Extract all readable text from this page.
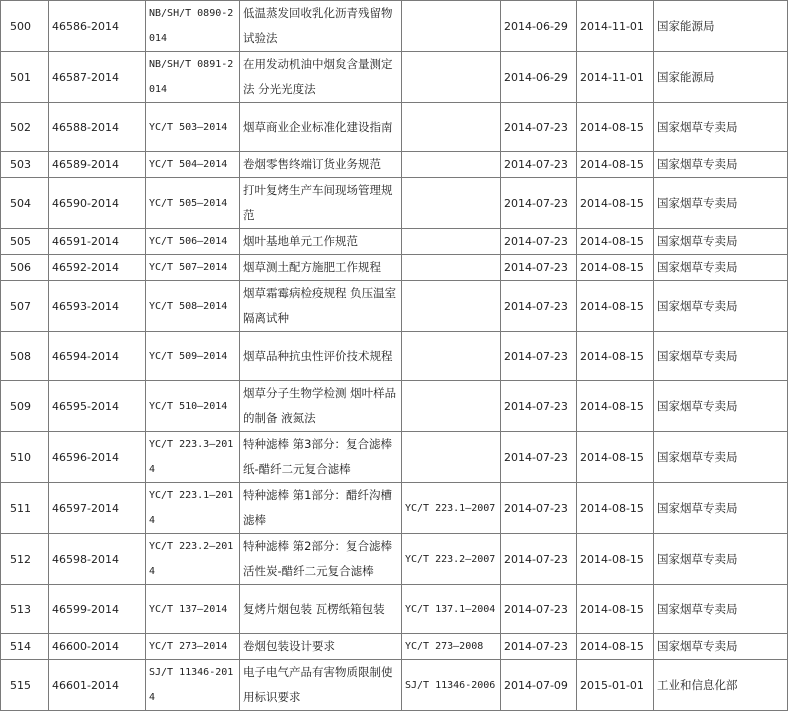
500	46586-2014	NB/SH/T 0890-2014	低温蒸发回收乳化沥青残留物试验法		2014-06-29	2014-11-01	国家能源局
501	46587-2014	NB/SH/T 0891-2014	在用发动机油中烟炱含量测定法 分光光度法		2014-06-29	2014-11-01	国家能源局
502	46588-2014	YC/T 503—2014	烟草商业企业标准化建设指南		2014-07-23	2014-08-15	国家烟草专卖局
503	46589-2014	YC/T 504—2014	卷烟零售终端订货业务规范		2014-07-23	2014-08-15	国家烟草专卖局
504	46590-2014	YC/T 505—2014	打叶复烤生产车间现场管理规范		2014-07-23	2014-08-15	国家烟草专卖局
505	46591-2014	YC/T 506—2014	烟叶基地单元工作规范		2014-07-23	2014-08-15	国家烟草专卖局
506	46592-2014	YC/T 507—2014	烟草测土配方施肥工作规程		2014-07-23	2014-08-15	国家烟草专卖局
507	46593-2014	YC/T 508—2014	烟草霜霉病检疫规程 负压温室隔离试种		2014-07-23	2014-08-15	国家烟草专卖局
508	46594-2014	YC/T 509—2014	烟草品种抗虫性评价技术规程		2014-07-23	2014-08-15	国家烟草专卖局
509	46595-2014	YC/T 510—2014	烟草分子生物学检测 烟叶样品的制备 液氮法		2014-07-23	2014-08-15	国家烟草专卖局
510	46596-2014	YC/T 223.3—2014	特种滤棒 第3部分：复合滤棒 纸-醋纤二元复合滤棒		2014-07-23	2014-08-15	国家烟草专卖局
511	46597-2014	YC/T 223.1—2014	特种滤棒 第1部分：醋纤沟槽滤棒	YC/T 223.1—2007	2014-07-23	2014-08-15	国家烟草专卖局
512	46598-2014	YC/T 223.2—2014	特种滤棒 第2部分：复合滤棒 活性炭-醋纤二元复合滤棒	YC/T 223.2—2007	2014-07-23	2014-08-15	国家烟草专卖局
513	46599-2014	YC/T 137—2014	复烤片烟包装 瓦楞纸箱包装	YC/T 137.1—2004	2014-07-23	2014-08-15	国家烟草专卖局
514	46600-2014	YC/T 273—2014	卷烟包装设计要求	YC/T 273—2008	2014-07-23	2014-08-15	国家烟草专卖局
515	46601-2014	SJ/T 11346-2014	电子电气产品有害物质限制使用标识要求	SJ/T 11346-2006	2014-07-09	2015-01-01	工业和信息化部
